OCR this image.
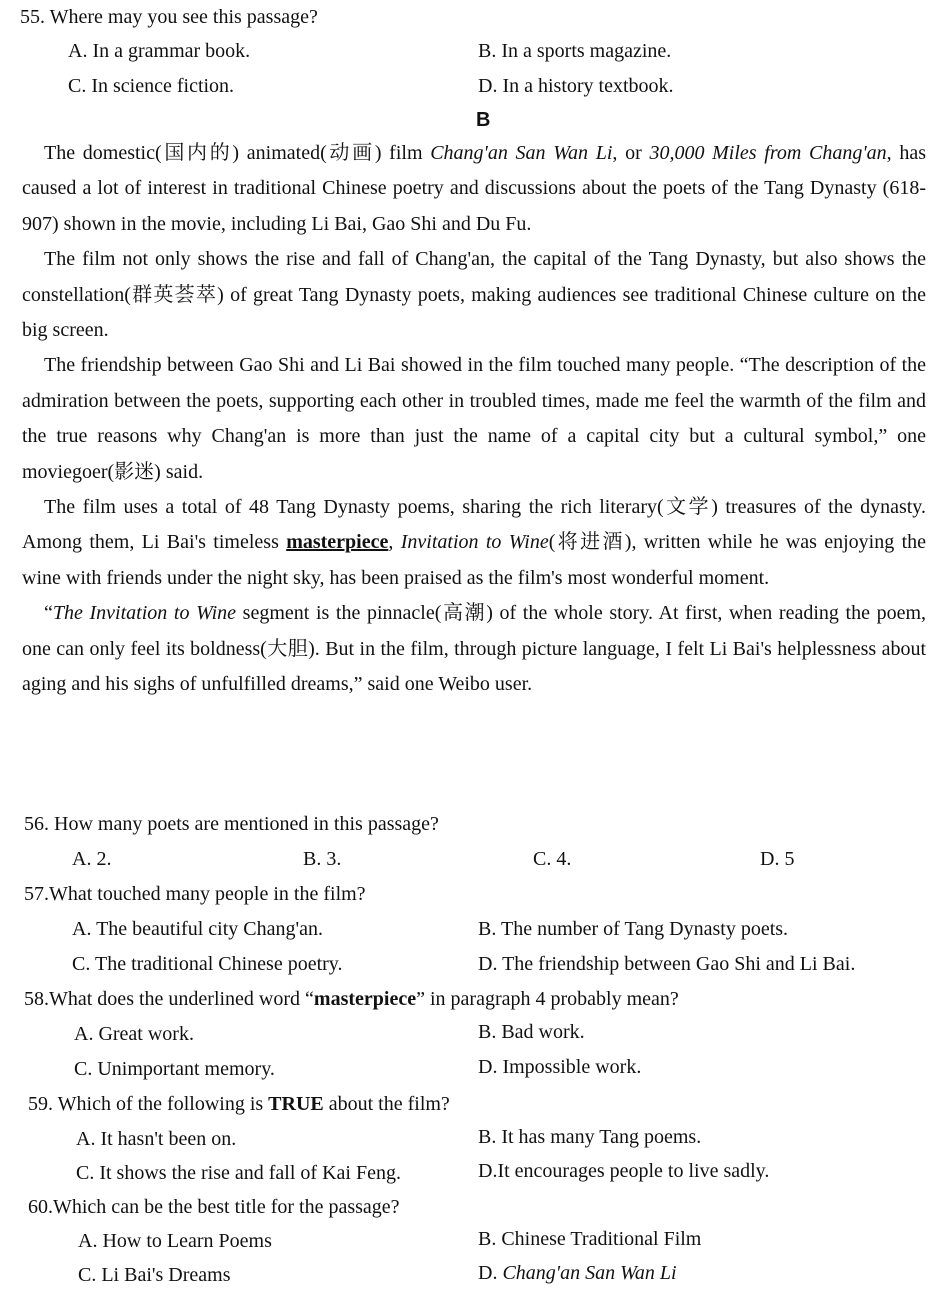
55. Where may you see this passage?
A. In a grammar book.	B. In a sports magazine.
C. In science fiction.	D. In a history textbook.
B

The domestic(国内的) animated(动画) film Chang'an San Wan Li, or 30,000 Miles from Chang'an, has caused a lot of interest in traditional Chinese poetry and discussions about the poets of the Tang Dynasty (618-907) shown in the movie, including Li Bai, Gao Shi and Du Fu.

The film not only shows the rise and fall of Chang'an, the capital of the Tang Dynasty, but also shows the constellation(群英荟萃) of great Tang Dynasty poets, making audiences see traditional Chinese culture on the big screen.

The friendship between Gao Shi and Li Bai showed in the film touched many people. “The description of the admiration between the poets, supporting each other in troubled times, made me feel the warmth of the film and the true reasons why Chang'an is more than just the name of a capital city but a cultural symbol,” one moviegoer(影迷) said.

The film uses a total of 48 Tang Dynasty poems, sharing the rich literary(文学) treasures of the dynasty. Among them, Li Bai's timeless masterpiece, Invitation to Wine(将进酒), written while he was enjoying the wine with friends under the night sky, has been praised as the film's most wonderful moment.

“The Invitation to Wine segment is the pinnacle(高潮) of the whole story. At first, when reading the poem, one can only feel its boldness(大胆). But in the film, through picture language, I felt Li Bai's helplessness about aging and his sighs of unfulfilled dreams,” said one Weibo user.

56. How many poets are mentioned in this passage?
A. 2.	B. 3.	C. 4.	D. 5
57.What touched many people in the film?
A. The beautiful city Chang'an.	B. The number of Tang Dynasty poets.
C. The traditional Chinese poetry.	D. The friendship between Gao Shi and Li Bai.
58.What does the underlined word “masterpiece” in paragraph 4 probably mean?
A. Great work.	B. Bad work.
C. Unimportant memory.	D. Impossible work.
59. Which of the following is TRUE about the film?
A. It hasn't been on.	B. It has many Tang poems.
C. It shows the rise and fall of Kai Feng.	D.It encourages people to live sadly.
60.Which can be the best title for the passage?
A. How to Learn Poems	B. Chinese Traditional Film
C. Li Bai's Dreams	D. Chang'an San Wan Li
